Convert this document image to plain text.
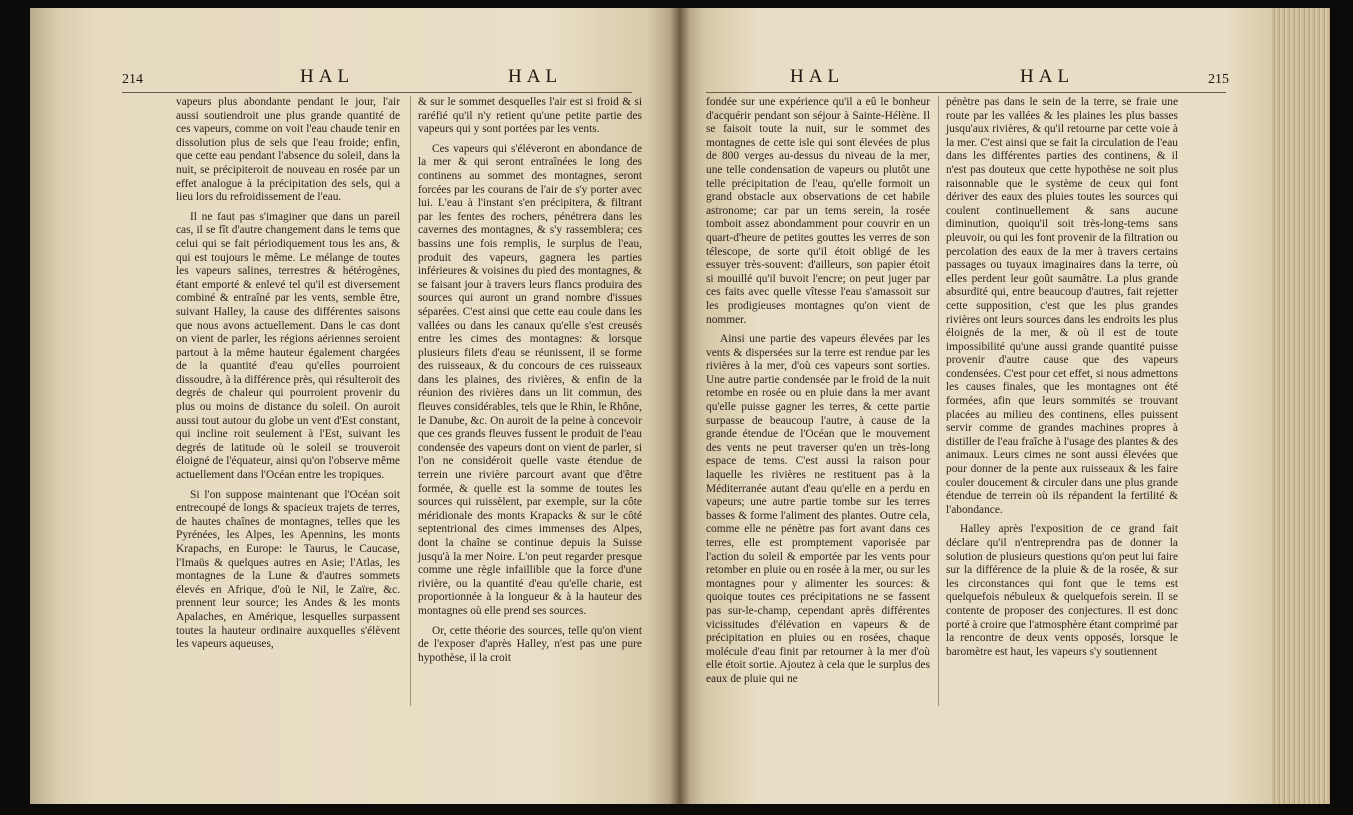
214	HAL	HAL

vapeurs plus abondante pendant le jour, l'air aussi soutiendroit une plus grande quantité de ces vapeurs, comme on voit l'eau chaude tenir en dissolution plus de sels que l'eau froide; enfin, que cette eau pendant l'absence du soleil, dans la nuit, se précipiteroit de nouveau en rosée par un effet analogue à la précipitation des sels, qui a lieu lors du refroidissement de l'eau.

Il ne faut pas s'imaginer que dans un pareil cas, il se fît d'autre changement dans le tems que celui qui se fait périodiquement tous les ans, & qui est toujours le même. Le mélange de toutes les vapeurs salines, terrestres & hétérogènes, étant emporté & enlevé tel qu'il est diversement combiné & entraîné par les vents, semble être, suivant Halley, la cause des différentes saisons que nous avons actuellement. Dans le cas dont on vient de parler, les régions aériennes seroient partout à la même hauteur également chargées de la quantité d'eau qu'elles pourroient dissoudre, à la différence près, qui résulteroit des degrés de chaleur qui pourroient provenir du plus ou moins de distance du soleil. On auroit aussi tout autour du globe un vent d'Est constant, qui incline roit seulement à l'Est, suivant les degrés de latitude où le soleil se trouveroit éloigné de l'équateur, ainsi qu'on l'observe même actuellement dans l'Océan entre les tropiques.

Si l'on suppose maintenant que l'Océan soit entrecoupé de longs & spacieux trajets de terres, de hautes chaînes de montagnes, telles que les Pyrénées, les Alpes, les Apennins, les monts Krapachs, en Europe: le Taurus, le Caucase, l'Imaüs & quelques autres en Asie; l'Atlas, les montagnes de la Lune & d'autres sommets élevés en Afrique, d'où le Nil, le Zaïre, &c. prennent leur source; les Andes & les monts Apalaches, en Amérique, lesquelles surpassent toutes la hauteur ordinaire auxquelles s'élèvent les vapeurs aqueuses,

& sur le sommet desquelles l'air est si froid & si raréfié qu'il n'y retient qu'une petite partie des vapeurs qui y sont portées par les vents.

Ces vapeurs qui s'éléveront en abondance de la mer & qui seront entraînées le long des continens au sommet des montagnes, seront forcées par les courans de l'air de s'y porter avec lui. L'eau à l'instant s'en précipitera, & filtrant par les fentes des rochers, pénétrera dans les cavernes des montagnes, & s'y rassemblera; ces bassins une fois remplis, le surplus de l'eau, produit des vapeurs, gagnera les parties inférieures & voisines du pied des montagnes, & se faisant jour à travers leurs flancs produira des sources qui auront un grand nombre d'issues séparées. C'est ainsi que cette eau coule dans les vallées ou dans les canaux qu'elle s'est creusés entre les cimes des montagnes: & lorsque plusieurs filets d'eau se réunissent, il se forme des ruisseaux, & du concours de ces ruisseaux dans les plaines, des rivières, & enfin de la réunion des rivières dans un lit commun, des fleuves considérables, tels que le Rhin, le Rhône, le Danube, &c. On auroit de la peine à concevoir que ces grands fleuves fussent le produit de l'eau condensée des vapeurs dont on vient de parler, si l'on ne considéroit quelle vaste étendue de terrein une rivière parcourt avant que d'être formée, & quelle est la somme de toutes les sources qui ruissèlent, par exemple, sur la côte méridionale des monts Krapacks & sur le côté septentrional des cimes immenses des Alpes, dont la chaîne se continue depuis la Suisse jusqu'à la mer Noire. L'on peut regarder presque comme une règle infaillible que la force d'une rivière, ou la quantité d'eau qu'elle charie, est proportionnée à la longueur & à la hauteur des montagnes où elle prend ses sources.

Or, cette théorie des sources, telle qu'on vient de l'exposer d'après Halley, n'est pas une pure hypothèse, il la croit

HAL	HAL	215

fondée sur une expérience qu'il a eû le bonheur d'acquérir pendant son séjour à Sainte-Hélène. Il se faisoit toute la nuit, sur le sommet des montagnes de cette isle qui sont élevées de plus de 800 verges au-dessus du niveau de la mer, une telle condensation de vapeurs ou plutôt une telle précipitation de l'eau, qu'elle formoit un grand obstacle aux observations de cet habile astronome; car par un tems serein, la rosée tomboit assez abondamment pour couvrir en un quart-d'heure de petites gouttes les verres de son télescope, de sorte qu'il étoit obligé de les essuyer très-souvent: d'ailleurs, son papier étoit si mouillé qu'il buvoit l'encre; on peut juger par ces faits avec quelle vîtesse l'eau s'amassoit sur les prodigieuses montagnes qu'on vient de nommer.

Ainsi une partie des vapeurs élevées par les vents & dispersées sur la terre est rendue par les rivières à la mer, d'où ces vapeurs sont sorties. Une autre partie condensée par le froid de la nuit retombe en rosée ou en pluie dans la mer avant qu'elle puisse gagner les terres, & cette partie surpasse de beaucoup l'autre, à cause de la grande étendue de l'Océan que le mouvement des vents ne peut traverser qu'en un très-long espace de tems. C'est aussi la raison pour laquelle les rivières ne restituent pas à la Méditerranée autant d'eau qu'elle en a perdu en vapeurs; une autre partie tombe sur les terres basses & forme l'aliment des plantes. Outre cela, comme elle ne pénètre pas fort avant dans ces terres, elle est promptement vaporisée par l'action du soleil & emportée par les vents pour retomber en pluie ou en rosée à la mer, ou sur les montagnes pour y alimenter les sources: & quoique toutes ces précipitations ne se fassent pas sur-le-champ, cependant après différentes vicissitudes d'élévation en vapeurs & de précipitation en pluies ou en rosées, chaque molécule d'eau finit par retourner à la mer d'où elle étoit sortie. Ajoutez à cela que le surplus des eaux de pluie qui ne

pénètre pas dans le sein de la terre, se fraie une route par les vallées & les plaines les plus basses jusqu'aux rivières, & qu'il retourne par cette voie à la mer. C'est ainsi que se fait la circulation de l'eau dans les différentes parties des continens, & il n'est pas douteux que cette hypothèse ne soit plus raisonnable que le système de ceux qui font dériver des eaux des pluies toutes les sources qui coulent continuellement & sans aucune diminution, quoiqu'il soit très-long-tems sans pleuvoir, ou qui les font provenir de la filtration ou percolation des eaux de la mer à travers certains passages ou tuyaux imaginaires dans la terre, où elles perdent leur goût saumâtre. La plus grande absurdité qui, entre beaucoup d'autres, fait rejetter cette supposition, c'est que les plus grandes rivières ont leurs sources dans les endroits les plus éloignés de la mer, & où il est de toute impossibilité qu'une aussi grande quantité puisse provenir d'autre cause que des vapeurs condensées. C'est pour cet effet, si nous admettons les causes finales, que les montagnes ont été formées, afin que leurs sommités se trouvant placées au milieu des continens, elles puissent servir comme de grandes machines propres à distiller de l'eau fraîche à l'usage des plantes & des animaux. Leurs cimes ne sont aussi élevées que pour donner de la pente aux ruisseaux & les faire couler doucement & circuler dans une plus grande étendue de terrein où ils répandent la fertilité & l'abondance.

Halley après l'exposition de ce grand fait déclare qu'il n'entreprendra pas de donner la solution de plusieurs questions qu'on peut lui faire sur la différence de la pluie & de la rosée, & sur les circonstances qui font que le tems est quelquefois nébuleux & quelquefois serein. Il se contente de proposer des conjectures. Il est donc porté à croire que l'atmosphère étant comprimé par la rencontre de deux vents opposés, lorsque le baromètre est haut, les vapeurs s'y soutiennent
